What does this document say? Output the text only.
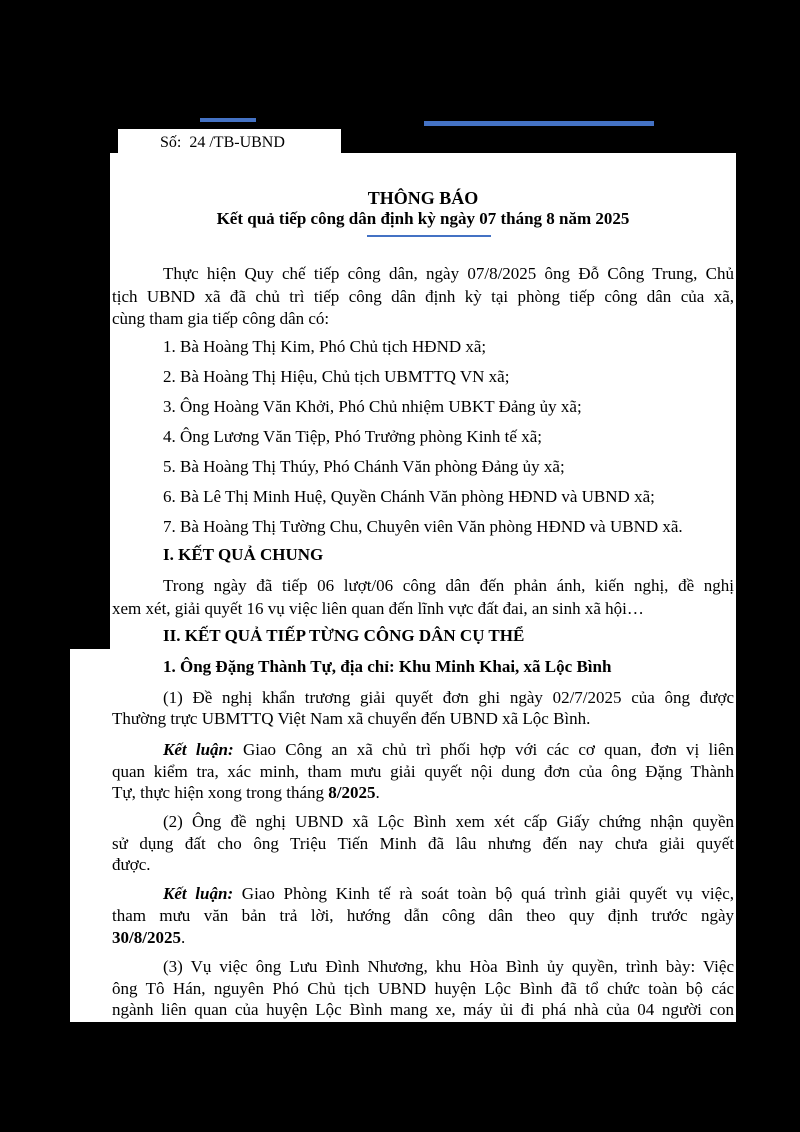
Số: 24 /TB-UBND
THÔNG BÁO
Kết quả tiếp công dân định kỳ ngày 07 tháng 8 năm 2025
Thực hiện Quy chế tiếp công dân, ngày 07/8/2025 ông Đỗ Công Trung, Chủ
tịch UBND xã đã chủ trì tiếp công dân định kỳ tại phòng tiếp công dân của xã,
cùng tham gia tiếp công dân có:
1. Bà Hoàng Thị Kim, Phó Chủ tịch HĐND xã;
2. Bà Hoàng Thị Hiệu, Chủ tịch UBMTTQ VN xã;
3. Ông Hoàng Văn Khởi, Phó Chủ nhiệm UBKT Đảng ủy xã;
4. Ông Lương Văn Tiệp, Phó Trưởng phòng Kinh tế xã;
5. Bà Hoàng Thị Thúy, Phó Chánh Văn phòng Đảng ủy xã;
6. Bà Lê Thị Minh Huệ, Quyền Chánh Văn phòng HĐND và UBND xã;
7. Bà Hoàng Thị Tường Chu, Chuyên viên Văn phòng HĐND và UBND xã.
I. KẾT QUẢ CHUNG
Trong ngày đã tiếp 06 lượt/06 công dân đến phản ánh, kiến nghị, đề nghị
xem xét, giải quyết 16 vụ việc liên quan đến lĩnh vực đất đai, an sinh xã hội…
II. KẾT QUẢ TIẾP TỪNG CÔNG DÂN CỤ THỂ
1. Ông Đặng Thành Tự, địa chỉ: Khu Minh Khai, xã Lộc Bình
(1) Đề nghị khẩn trương giải quyết đơn ghi ngày 02/7/2025 của ông được
Thường trực UBMTTQ Việt Nam xã chuyển đến UBND xã Lộc Bình.
Kết luận: Giao Công an xã chủ trì phối hợp với các cơ quan, đơn vị liên
quan kiểm tra, xác minh, tham mưu giải quyết nội dung đơn của ông Đặng Thành
Tự, thực hiện xong trong tháng 8/2025.
(2) Ông đề nghị UBND xã Lộc Bình xem xét cấp Giấy chứng nhận quyền
sử dụng đất cho ông Triệu Tiến Minh đã lâu nhưng đến nay chưa giải quyết
được.
Kết luận: Giao Phòng Kinh tế rà soát toàn bộ quá trình giải quyết vụ việc,
tham mưu văn bản trả lời, hướng dẫn công dân theo quy định trước ngày
30/8/2025.
(3) Vụ việc ông Lưu Đình Nhương, khu Hòa Bình ủy quyền, trình bày: Việc
ông Tô Hán, nguyên Phó Chủ tịch UBND huyện Lộc Bình đã tổ chức toàn bộ các
ngành liên quan của huyện Lộc Bình mang xe, máy ủi đi phá nhà của 04 người con
